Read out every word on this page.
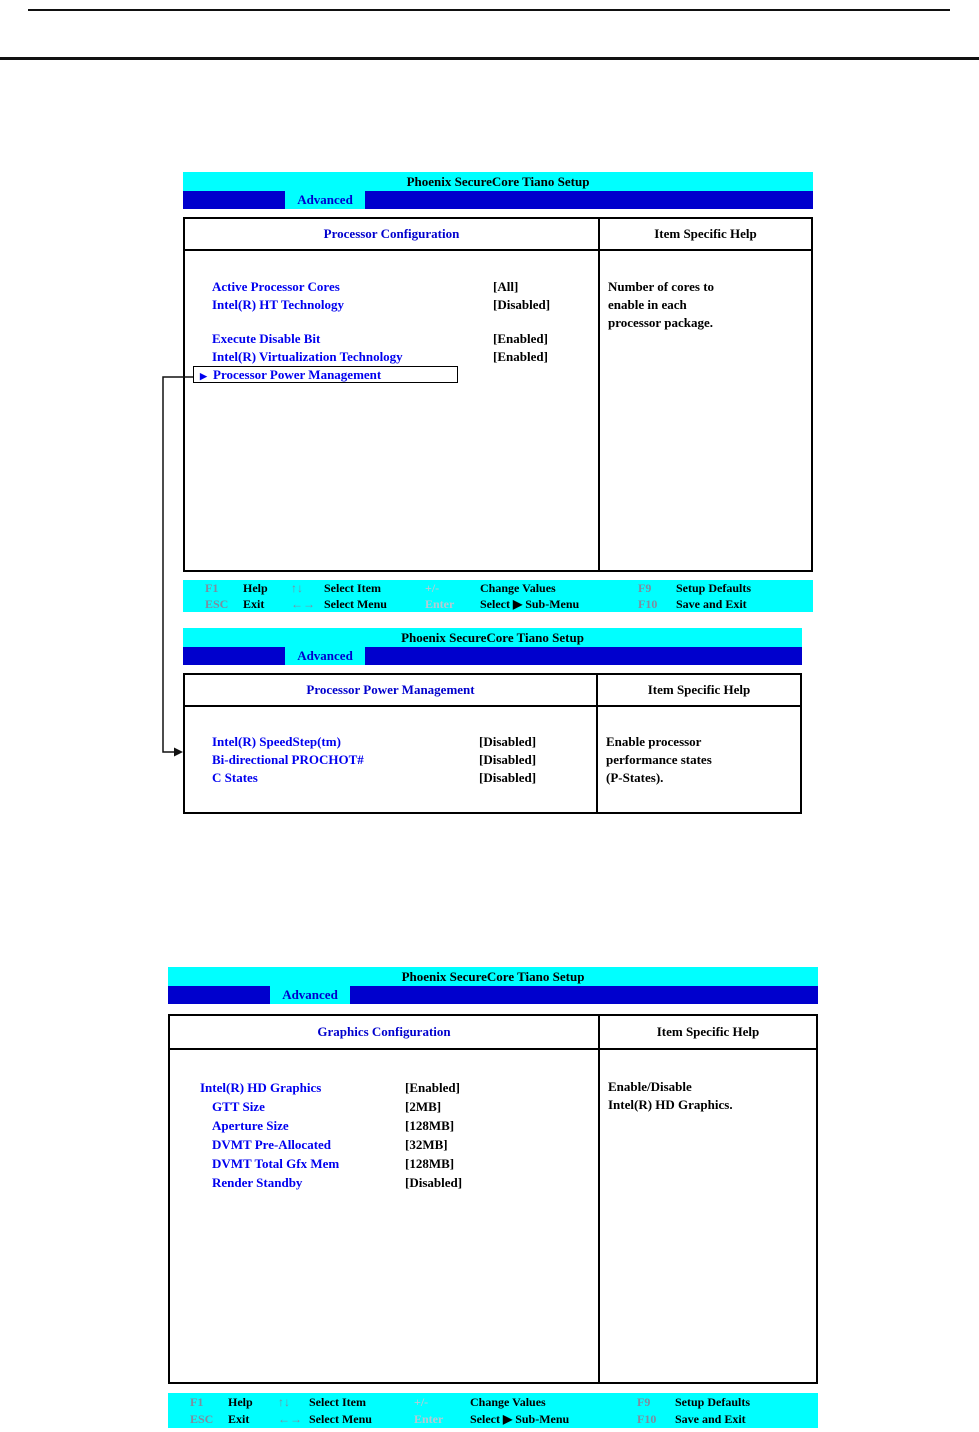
Phoenix SecureCore Tiano Setup
Advanced
Processor Configuration
Active Processor Cores	[All]
Intel(R) HT Technology	[Disabled]
Execute Disable Bit	[Enabled]
Intel(R) Virtualization Technology	[Enabled]
▶ Processor Power Management
Item Specific Help
Number of cores to
enable in each
processor package.
F1 Help ↑↓ Select Item	+/-	Change Values	F9 Setup Defaults
ESC Exit ←→ Select Menu	Enter Select ▶ Sub-Menu	F10 Save and Exit
Phoenix SecureCore Tiano Setup
Advanced
Processor Power Management
Intel(R) SpeedStep(tm)	[Disabled]
Bi-directional PROCHOT#	[Disabled]
C States	[Disabled]
Item Specific Help
Enable processor
performance states
(P-States).
Phoenix SecureCore Tiano Setup
Advanced
Graphics Configuration
Intel(R) HD Graphics	[Enabled]
GTT Size	[2MB]
Aperture Size	[128MB]
DVMT Pre-Allocated	[32MB]
DVMT Total Gfx Mem	[128MB]
Render Standby	[Disabled]
Item Specific Help
Enable/Disable
Intel(R) HD Graphics.
F1 Help ↑↓ Select Item	+/-	Change Values	F9 Setup Defaults
ESC Exit ←→ Select Menu	Enter Select ▶ Sub-Menu	F10 Save and Exit
